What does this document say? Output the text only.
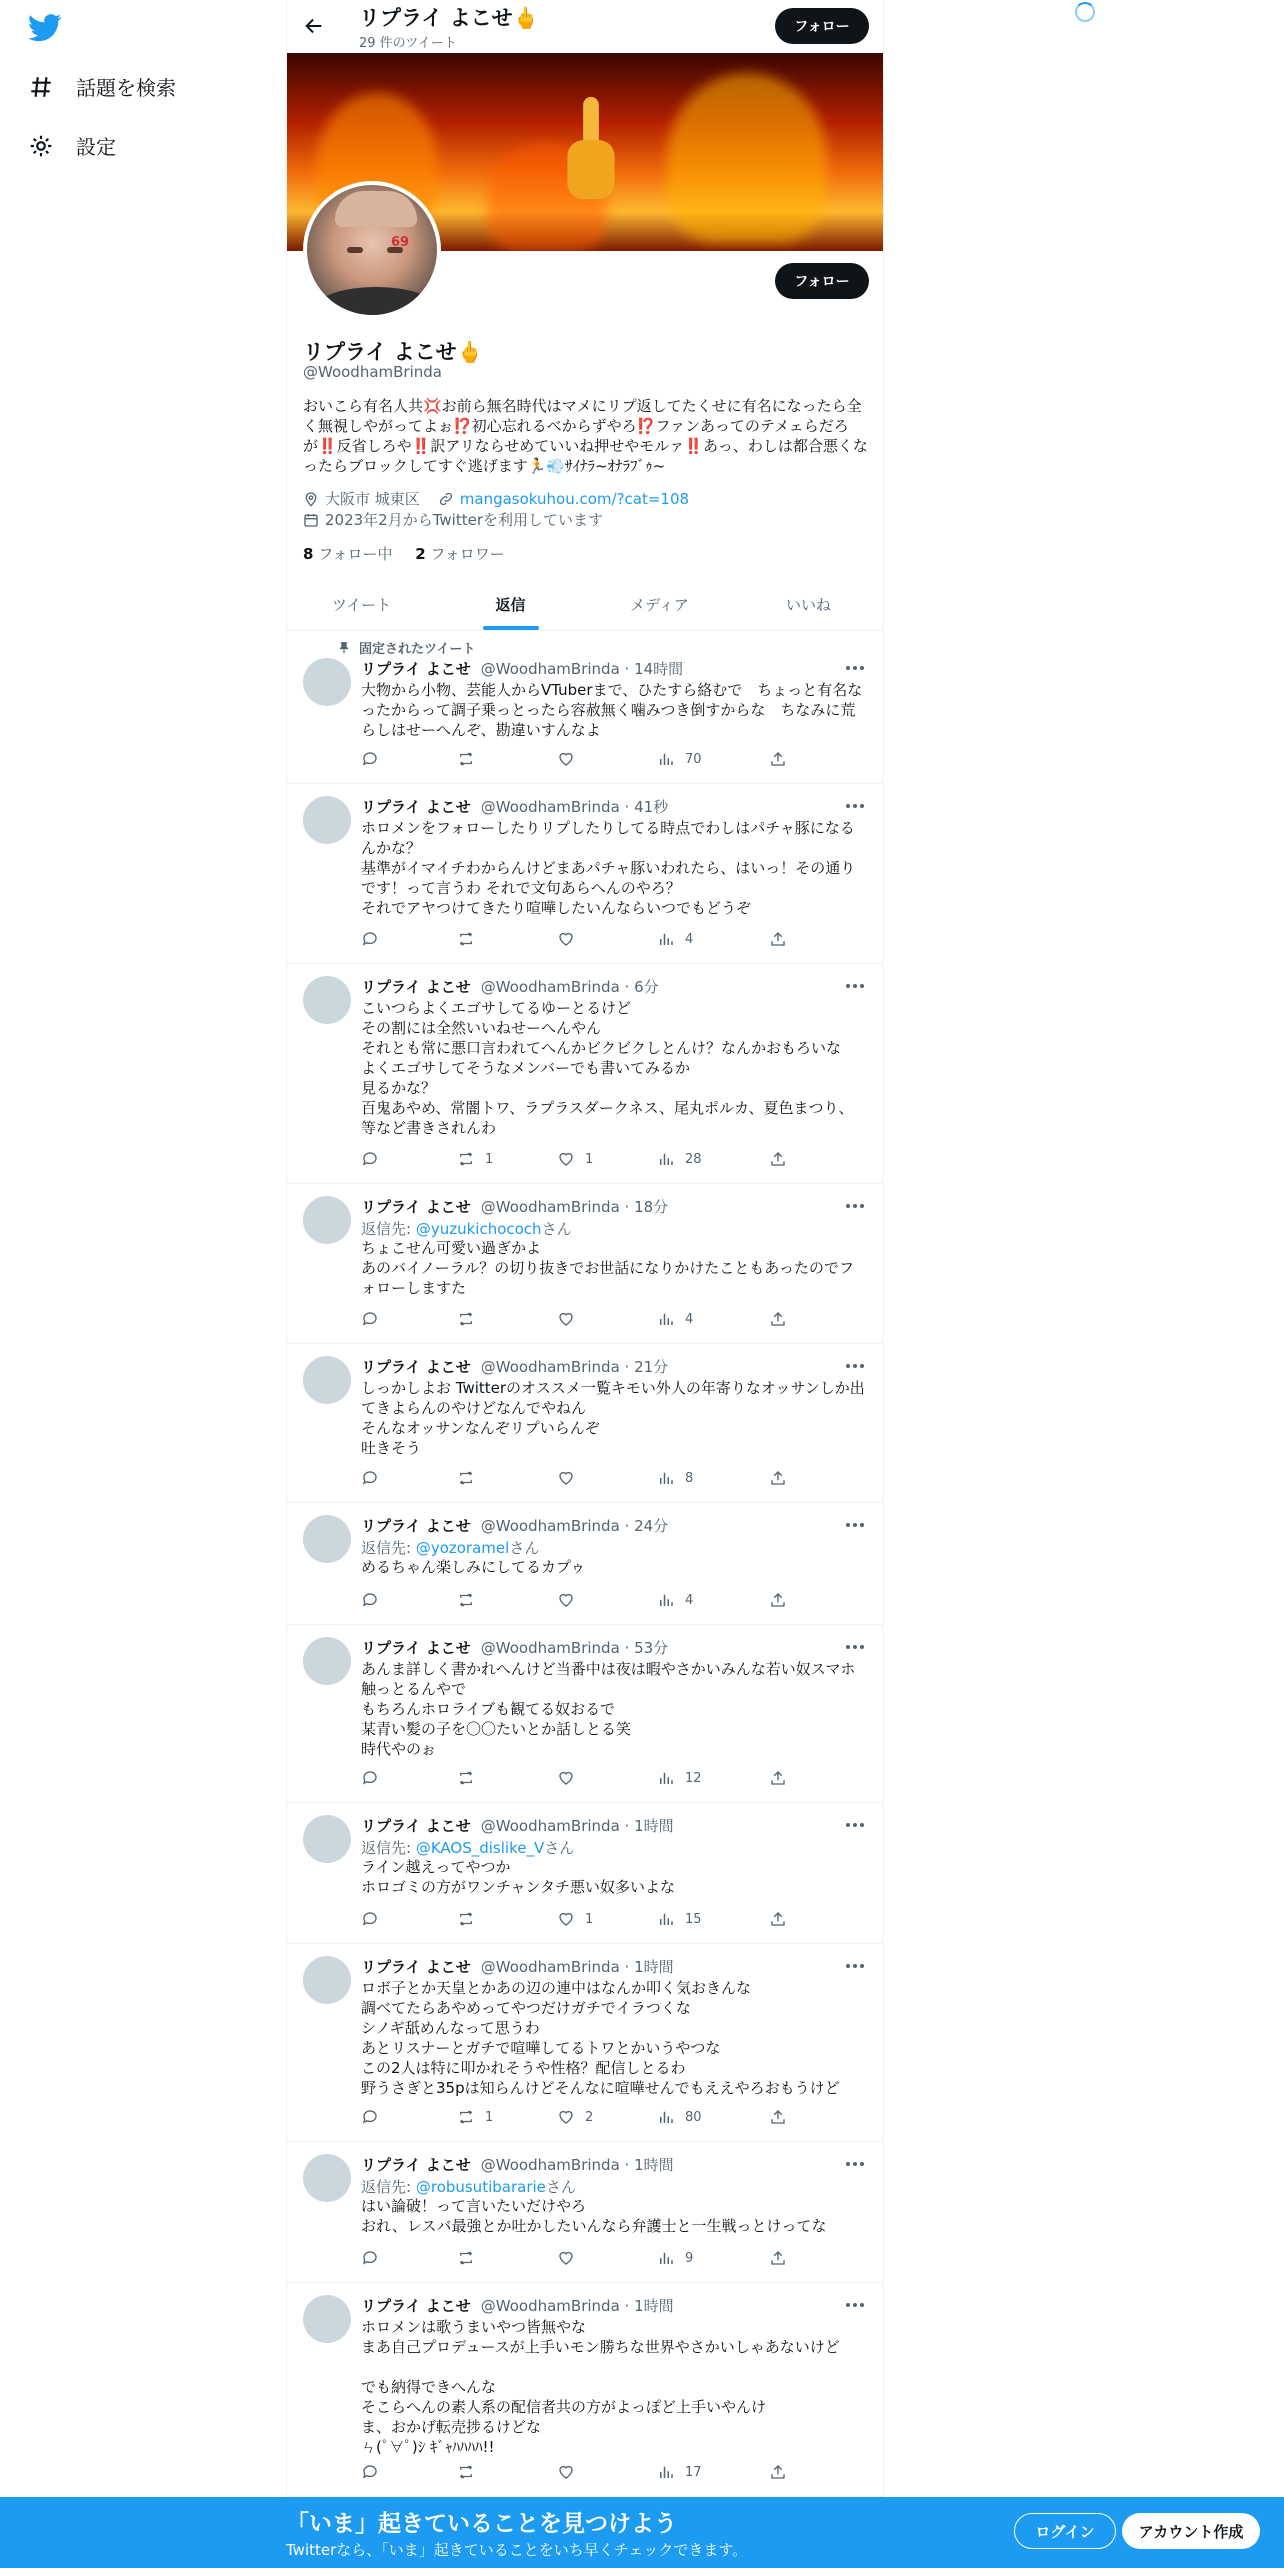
話題を検索
設定
リプライ よこせ🖕
29 件のツイート
フォロー
69
フォロー
リプライ よこせ🖕
@WoodhamBrinda
おいこら有名人共💢お前ら無名時代はマメにリプ返してたくせに有名になったら全く無視しやがってよぉ⁉️初心忘れるべからずやろ⁉️ファンあってのテメェらだろが‼️反省しろや‼️訳アリならせめていいね押せやモルァ‼️あっ、わしは都合悪くなったらブロックしてすぐ逃げます🏃💨ｻｲﾅﾗ~ｵﾅﾗﾌﾞｩ~
大阪市 城東区	mangasokuhou.com/?cat=108
2023年2月からTwitterを利用しています
8 フォロー中 2 フォロワー
ツイート	返信	メディア	いいね
固定されたツイート
リプライ よこせ @WoodhamBrinda · 14時間
大物から小物、芸能人からVTuberまで、ひたすら絡むで　ちょっと有名なったからって調子乗っとったら容赦無く噛みつき倒すからな　ちなみに荒らしはせーへんぞ、勘違いすんなよ
70
リプライ よこせ @WoodhamBrinda · 41秒
ホロメンをフォローしたりリプしたりしてる時点でわしはパチャ豚になるんかな？
基準がイマイチわからんけどまあパチャ豚いわれたら、はいっ！その通りです！って言うわ それで文句あらへんのやろ？
それでアヤつけてきたり喧嘩したいんならいつでもどうぞ
4
リプライ よこせ @WoodhamBrinda · 6分
こいつらよくエゴサしてるゆーとるけど
その割には全然いいねせーへんやん
それとも常に悪口言われてへんかビクビクしとんけ？なんかおもろいな
よくエゴサしてそうなメンバーでも書いてみるか
見るかな？
百鬼あやめ、常闇トワ、ラプラスダークネス、尾丸ポルカ、夏色まつり、等など書きされんわ
1	1	28
リプライ よこせ @WoodhamBrinda · 18分
返信先: @yuzukichocochさん
ちょこせん可愛い過ぎかよ
あのバイノーラル？の切り抜きでお世話になりかけたこともあったのでフォローしますた
4
リプライ よこせ @WoodhamBrinda · 21分
しっかしよお Twitterのオススメ一覧キモい外人の年寄りなオッサンしか出てきよらんのやけどなんでやねん
そんなオッサンなんぞリプいらんぞ
吐きそう
8
リプライ よこせ @WoodhamBrinda · 24分
返信先: @yozoramelさん
めるちゃん楽しみにしてるカプゥ
4
リプライ よこせ @WoodhamBrinda · 53分
あんま詳しく書かれへんけど当番中は夜は暇やさかいみんな若い奴スマホ触っとるんやで
もちろんホロライブも観てる奴おるで
某青い髪の子を〇〇たいとか話しとる笑
時代やのぉ
12
リプライ よこせ @WoodhamBrinda · 1時間
返信先: @KAOS_dislike_Vさん
ライン越えってやつか
ホロゴミの方がワンチャンタチ悪い奴多いよな
1	15
リプライ よこせ @WoodhamBrinda · 1時間
ロボ子とか天皇とかあの辺の連中はなんか叩く気おきんな
調べてたらあやめってやつだけガチでイラつくな
シノギ舐めんなって思うわ
あとリスナーとガチで喧嘩してるトワとかいうやつな
この2人は特に叩かれそうや性格？配信しとるわ
野うさぎと35pは知らんけどそんなに喧嘩せんでもええやろおもうけど
1	2	80
リプライ よこせ @WoodhamBrinda · 1時間
返信先: @robusutibararieさん
はい論破！って言いたいだけやろ
おれ、レスバ最強とか吐かしたいんなら弁護士と一生戦っとけってな
9
リプライ よこせ @WoodhamBrinda · 1時間
ホロメンは歌うまいやつ皆無やな
まあ自己プロデュースが上手いモン勝ちな世界やさかいしゃあないけど

でも納得できへんな
そこらへんの素人系の配信者共の方がよっぽど上手いやんけ
ま、おかげ転売捗るけどな
ㄣ(ﾟ∀ﾟ)ｼ ｷﾞｬﾊﾊﾊﾊ!!
17
「いま」起きていることを見つけよう
Twitterなら、「いま」起きていることをいち早くチェックできます。
ログイン	アカウント作成
